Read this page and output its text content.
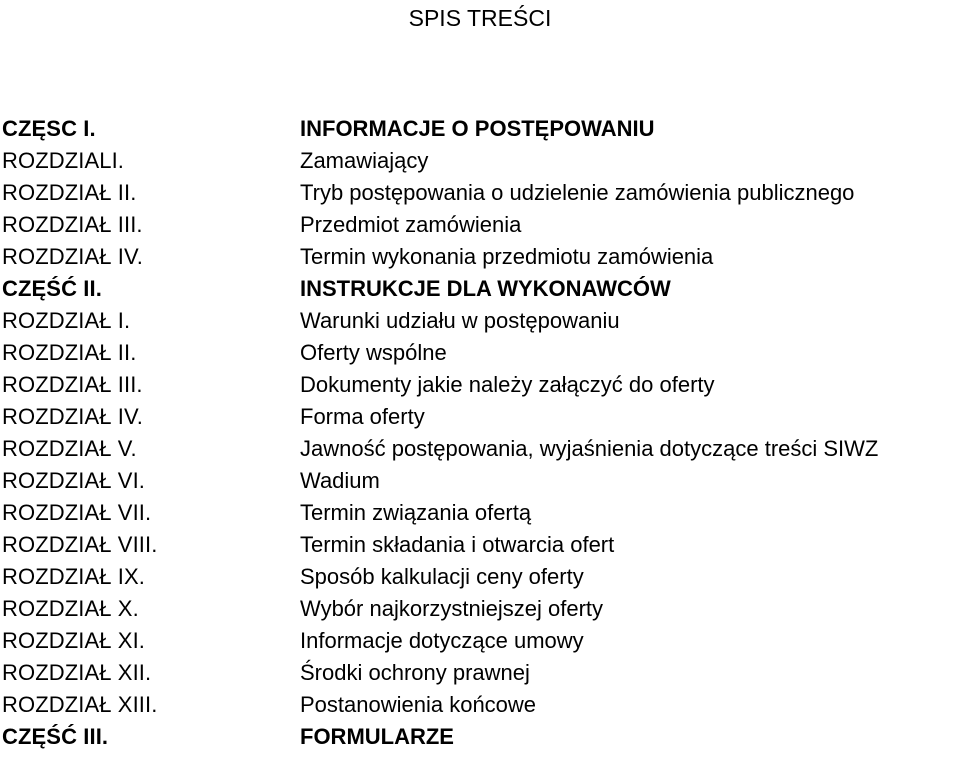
SPIS TREŚCI
CZĘSC I.	INFORMACJE O POSTĘPOWANIU
ROZDZIALI.	Zamawiający
ROZDZIAŁ II.	Tryb postępowania o udzielenie zamówienia publicznego
ROZDZIAŁ III.	Przedmiot zamówienia
ROZDZIAŁ IV.	Termin wykonania przedmiotu zamówienia
CZĘŚĆ II.	INSTRUKCJE DLA WYKONAWCÓW
ROZDZIAŁ I.	Warunki udziału w postępowaniu
ROZDZIAŁ II.	Oferty wspólne
ROZDZIAŁ III.	Dokumenty jakie należy załączyć do oferty
ROZDZIAŁ IV.	Forma oferty
ROZDZIAŁ V.	Jawność postępowania, wyjaśnienia dotyczące treści SIWZ
ROZDZIAŁ VI.	Wadium
ROZDZIAŁ VII.	Termin związania ofertą
ROZDZIAŁ VIII.	Termin składania i otwarcia ofert
ROZDZIAŁ IX.	Sposób kalkulacji ceny oferty
ROZDZIAŁ X.	Wybór najkorzystniejszej oferty
ROZDZIAŁ XI.	Informacje dotyczące umowy
ROZDZIAŁ XII.	Środki ochrony prawnej
ROZDZIAŁ XIII.	Postanowienia końcowe
CZĘŚĆ III.	FORMULARZE
